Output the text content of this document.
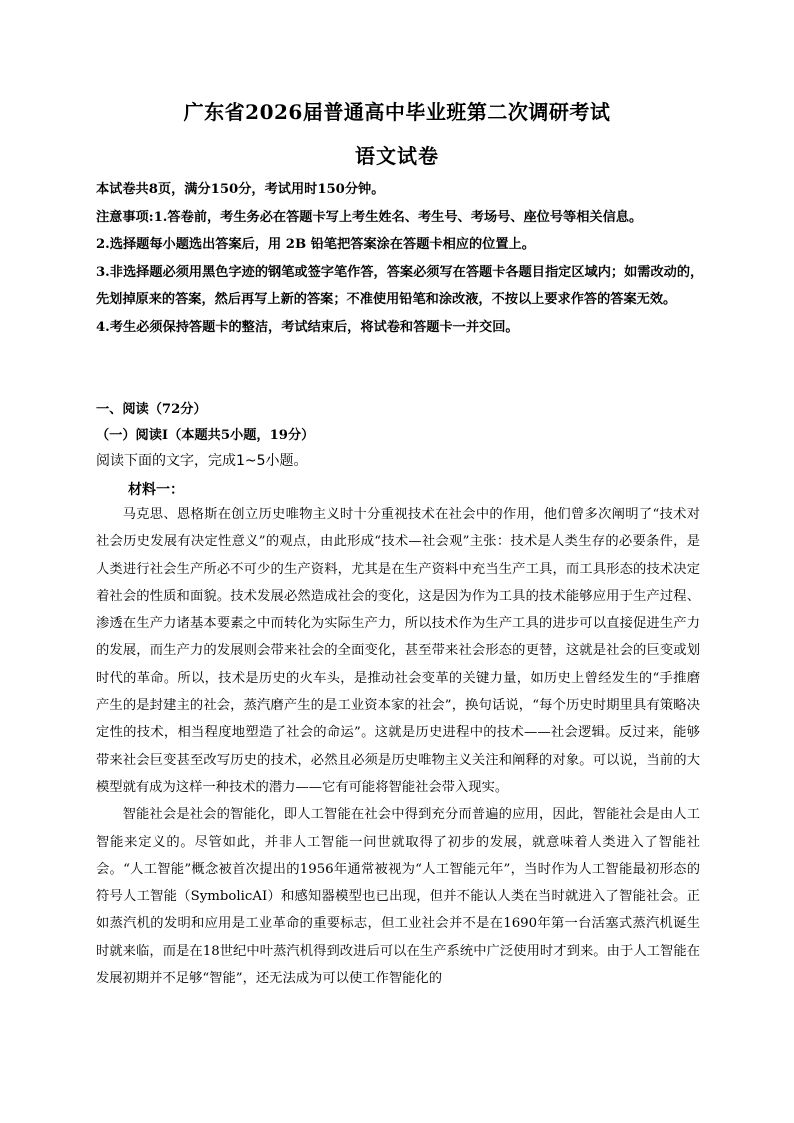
广东省2026届普通高中毕业班第二次调研考试
语文试卷

本试卷共8页，满分150分，考试用时150分钟。

注意事项:1.答卷前，考生务必在答题卡写上考生姓名、考生号、考场号、座位号等相关信息。

2.选择题每小题选出答案后，用 2B 铅笔把答案涂在答题卡相应的位置上。

3.非选择题必须用黑色字迹的钢笔或签字笔作答，答案必须写在答题卡各题目指定区域内；如需改动的，先划掉原来的答案，然后再写上新的答案；不准使用铅笔和涂改液，不按以上要求作答的答案无效。

4.考生必须保持答题卡的整洁，考试结束后，将试卷和答题卡一并交回。

一、阅读（72分）
（一）阅读Ⅰ（本题共5小题，19分）
阅读下面的文字，完成1~5小题。
材料一：

马克思、恩格斯在创立历史唯物主义时十分重视技术在社会中的作用，他们曾多次阐明了“技术对社会历史发展有决定性意义”的观点，由此形成“技术—社会观”主张：技术是人类生存的必要条件，是人类进行社会生产所必不可少的生产资料，尤其是在生产资料中充当生产工具，而工具形态的技术决定着社会的性质和面貌。技术发展必然造成社会的变化，这是因为作为工具的技术能够应用于生产过程、渗透在生产力诸基本要素之中而转化为实际生产力，所以技术作为生产工具的进步可以直接促进生产力的发展，而生产力的发展则会带来社会的全面变化，甚至带来社会形态的更替，这就是社会的巨变或划时代的革命。所以，技术是历史的火车头，是推动社会变革的关键力量，如历史上曾经发生的“手推磨产生的是封建主的社会，蒸汽磨产生的是工业资本家的社会”，换句话说，“每个历史时期里具有策略决定性的技术，相当程度地塑造了社会的命运”。这就是历史进程中的技术——社会逻辑。反过来，能够带来社会巨变甚至改写历史的技术，必然且必须是历史唯物主义关注和阐释的对象。可以说，当前的大模型就有成为这样一种技术的潜力——它有可能将智能社会带入现实。

智能社会是社会的智能化，即人工智能在社会中得到充分而普遍的应用，因此，智能社会是由人工智能来定义的。尽管如此，并非人工智能一问世就取得了初步的发展，就意味着人类进入了智能社会。“人工智能”概念被首次提出的1956年通常被视为“人工智能元年”，当时作为人工智能最初形态的符号人工智能（SymbolicAI）和感知器模型也已出现，但并不能认人类在当时就进入了智能社会。正如蒸汽机的发明和应用是工业革命的重要标志，但工业社会并不是在1690年第一台活塞式蒸汽机诞生时就来临，而是在18世纪中叶蒸汽机得到改进后可以在生产系统中广泛使用时才到来。由于人工智能在发展初期并不足够“智能”，还无法成为可以使工作智能化的
